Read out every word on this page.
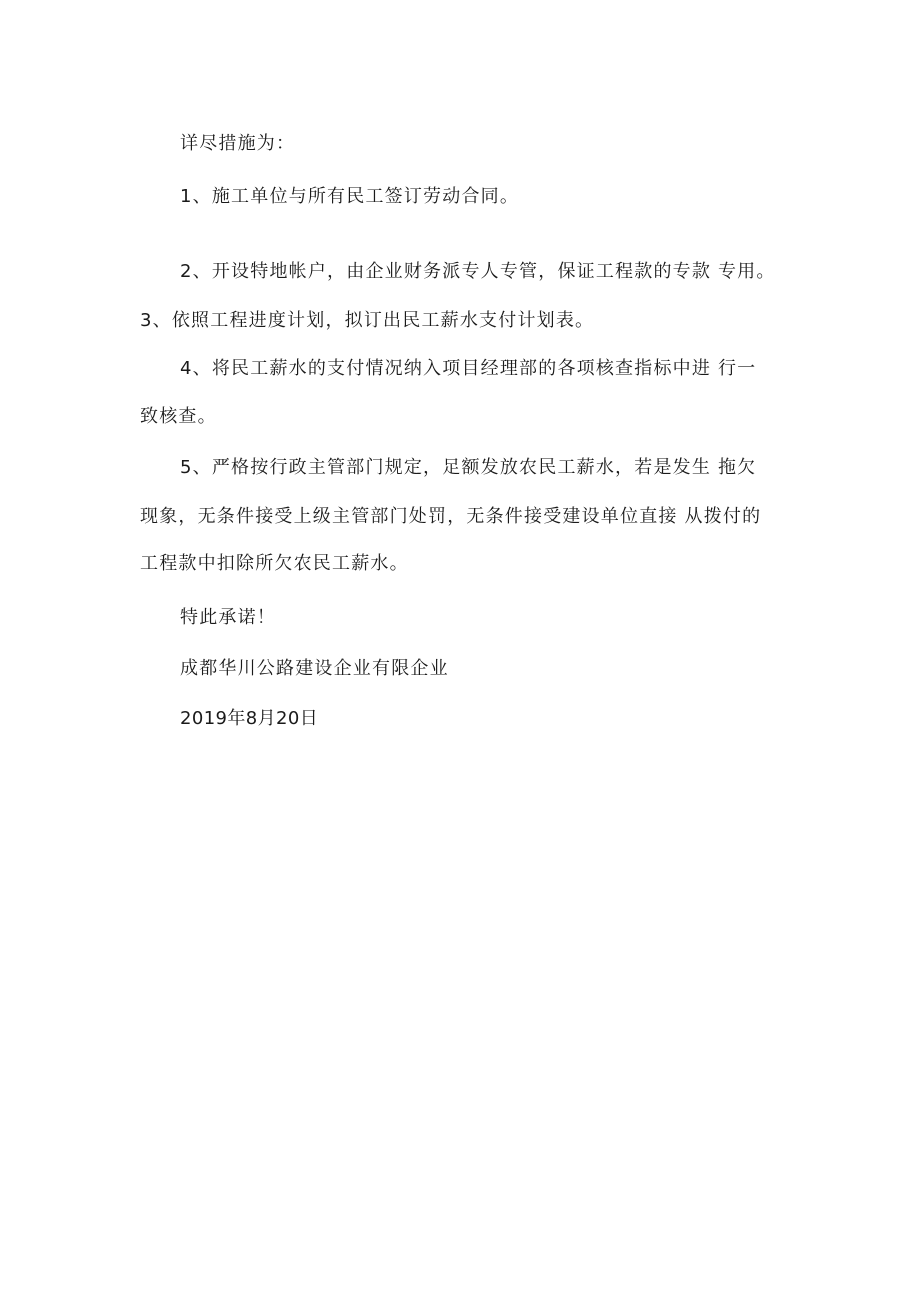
详尽措施为：
1、施工单位与所有民工签订劳动合同。
2、开设特地帐户，由企业财务派专人专管，保证工程款的专款 专用。
3、依照工程进度计划，拟订出民工薪水支付计划表。
4、将民工薪水的支付情况纳入项目经理部的各项核查指标中进 行一
致核查。
5、严格按行政主管部门规定，足额发放农民工薪水，若是发生 拖欠
现象，无条件接受上级主管部门处罚，无条件接受建设单位直接 从拨付的
工程款中扣除所欠农民工薪水。
特此承诺！
成都华川公路建设企业有限企业
2019年8月20日
